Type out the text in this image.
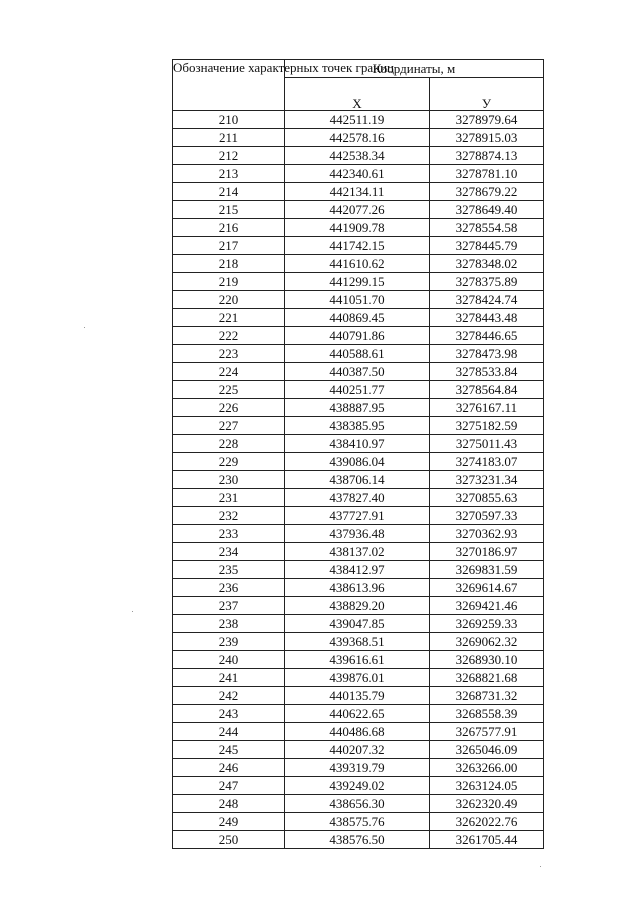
Обозначение характерных точек границ	Координаты, м	
	X	У
210	442511.19	3278979.64
211	442578.16	3278915.03
212	442538.34	3278874.13
213	442340.61	3278781.10
214	442134.11	3278679.22
215	442077.26	3278649.40
216	441909.78	3278554.58
217	441742.15	3278445.79
218	441610.62	3278348.02
219	441299.15	3278375.89
220	441051.70	3278424.74
221	440869.45	3278443.48
222	440791.86	3278446.65
223	440588.61	3278473.98
224	440387.50	3278533.84
225	440251.77	3278564.84
226	438887.95	3276167.11
227	438385.95	3275182.59
228	438410.97	3275011.43
229	439086.04	3274183.07
230	438706.14	3273231.34
231	437827.40	3270855.63
232	437727.91	3270597.33
233	437936.48	3270362.93
234	438137.02	3270186.97
235	438412.97	3269831.59
236	438613.96	3269614.67
237	438829.20	3269421.46
238	439047.85	3269259.33
239	439368.51	3269062.32
240	439616.61	3268930.10
241	439876.01	3268821.68
242	440135.79	3268731.32
243	440622.65	3268558.39
244	440486.68	3267577.91
245	440207.32	3265046.09
246	439319.79	3263266.00
247	439249.02	3263124.05
248	438656.30	3262320.49
249	438575.76	3262022.76
250	438576.50	3261705.44
